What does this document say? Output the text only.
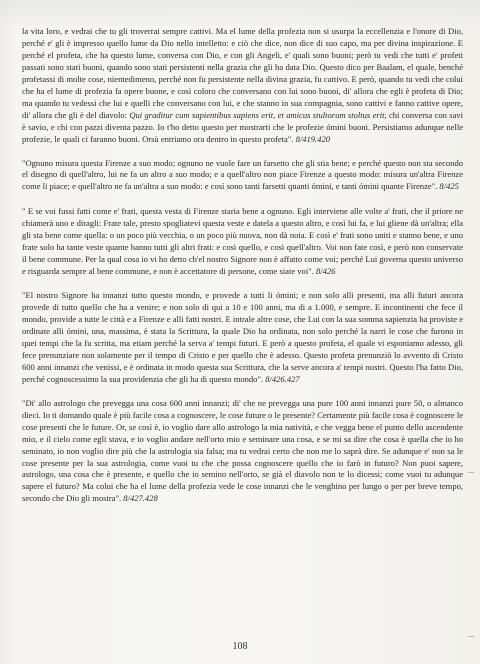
la vita loro, e vedrai che tu gli troverrai sempre cattivi. Ma el lume della profezia non si usurpa la eccellenzia e l'onore di Dio, perché e' gli è impresso quello lume da Dio nello intelletto: e ciò che dice, non dice di suo capo, ma per divina inspirazione. E perché el profeta, che ha questo lume, conversa con Dio, e con gli Angeli, e' quali sono buoni; però tu vedi che tutti e' profeti passati sono stati buoni, quando sono stati persistenti nella grazia che gli ha data Dio. Questo dico per Baalam, el quale, benché profetassi di molte cose, nientedimeno, perché non fu persistente nella divina grazia, fu cattivo. E però, quando tu vedi che colui che ha el lume di profezia fa opere buone, e così coloro che conversano con lui sono buoni, di' allora che egli è profeta di Dio; ma quando tu vedessi che lui e quelli che conversano con lui, e che stanno in sua compagnia, sono cattivi e fanno cattive opere, di' allora che gli è del diavolo: Qui graditur cum sapientibus sapiens erit, et amicus stultorum stoltus erit, chi conversa con savi è savio, e chi con pazzi diventa pazzo. Io t'ho detto questo per mostrarti che le profezie ómini buoni. Persistiamo adunque nelle profezie, le quali ci faranno buoni. Orsù entriamo ora dentro in questo profeta". 8/419.420

"Ognuno misura questa Firenze a suo modo; ognuno ne vuole fare un farsetto che gli stia bene; e perché questo non sta secondo el disegno di quell'altro, lui ne fa un altro a suo modo; e a quell'altro non piace Firenze a questo modo: misura un'altra Firenze come li piace; e quell'altro ne fa un'altra a suo modo: e così sono tanti farsetti quanti ómini, e tanti ómini quante Firenze". 8/425

" E se voi fussi fatti come e' frati, questa vesta di Firenze staria bene a ognuno. Egli interviene alle volte a' frati, che il priore ne chiamerà uno e diragli: Frate tale, presto spogliatevi questa veste e datela a questo altro, e così lui fa, e lui gliene dà un'altra; ella gli sta bene come quella: o un poco più vecchia, o un poco più nuova, non dà noia. E così e' frati sono uniti e stanno bene, e uno frate solo ha tante veste quante hanno tutti gli altri frati: e così quello, e così quell'altro. Voi non fate così, e però non conservate il bene commune. Per la qual cosa io vi ho detto ch'el nostro Signore non è affatto come voi; perché Lui governa questo universo e risguarda sempre al bene commune, e non è accettatore di persone, come siate voi". 8/426

"El nostro Signore ha innanzi tutto questo mondo, e provede a tutti li ómini; e non solo alli presenti, ma alli futuri ancora provede di tutto quello che ha a venire; e non solo di qui a 10 e 100 anni, ma di a 1.000, e sempre. E incontinenti che fece il mondo, provide a tutte le città e a Firenze e alli fatti nostri. E intrale altre cose, che Lui con la sua somma sapienzia ha proviste e ordinate alli ómini, una, massima, è stata la Scrittura, la quale Dio ha ordinata, non solo perché la narri le cose che furono in quei tempi che la fu scritta, ma etiam perché la serva a' tempi futuri. E però a questo profeta, el quale vi esponiamo adesso, gli fece prenunziare non solamente per il tempo di Cristo e per quello che è adesso. Questo profeta prenunziò lo avvento di Cristo 600 anni innanzi che venissi, e è ordinata in modo questa sua Scrittura, che la serve ancora a' tempi nostri. Questo l'ha fatto Dio, perché cognoscessimo la sua providenzia che gli ha di questo mondo". 8/426.427

"Di' allo astrologo che prevegga una cosa 600 anni innanzi; di' che ne prevegga una pure 100 anni innanzi pure 50, o almanco dieci. Io ti domando quale è più facile cosa a cognoscere, le cose future o le presente? Certamente più facile cosa è cognoscere le cose presenti che le future. Or, se così è, io voglio dare allo astrologo la mia natività, e che vegga bene el punto dello ascendente mio, e il cielo come egli stava, e io voglio andare nell'orto mio e seminare una cosa, e se mi sa dire che cosa è quella che io ho seminato, io non voglio dire più che la astrologia sia falsa; ma tu vedrai certo che non me lo saprà dire. Se adunque e' non sa le cose presente per la sua astrologia, come vuoi tu che che possa cognoscere quello che io farò in futuro? Non puoi sapere, astrologo, una cosa che è presente, e quello che io semino nell'orto, se già el diavolo non te lo dicessi; come vuoi tu adunque sapere el futuro? Ma colui che ha el lume della profezia vede le cose innanzi che le venghino per lungo o per per breve tempo, secondo che Dio gli mostra". 8/427.428

108
